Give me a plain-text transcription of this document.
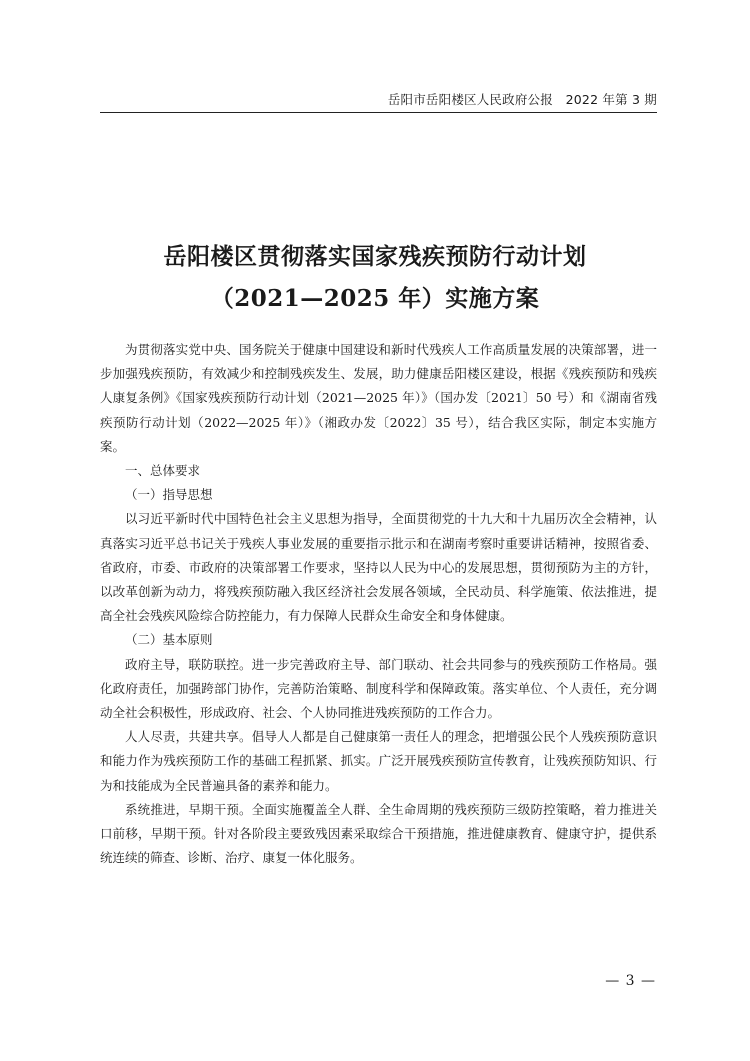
岳阳市岳阳楼区人民政府公报　2022 年第 3 期
岳阳楼区贯彻落实国家残疾预防行动计划
（2021—2025 年）实施方案

为贯彻落实党中央、国务院关于健康中国建设和新时代残疾人工作高质量发展的决策部署，进一步加强残疾预防，有效减少和控制残疾发生、发展，助力健康岳阳楼区建设，根据《残疾预防和残疾人康复条例》《国家残疾预防行动计划（2021—2025 年）》（国办发〔2021〕50 号）和《湖南省残疾预防行动计划（2022—2025 年）》（湘政办发〔2022〕35 号），结合我区实际，制定本实施方案。

一、总体要求

（一）指导思想

以习近平新时代中国特色社会主义思想为指导，全面贯彻党的十九大和十九届历次全会精神，认真落实习近平总书记关于残疾人事业发展的重要指示批示和在湖南考察时重要讲话精神，按照省委、省政府，市委、市政府的决策部署工作要求，坚持以人民为中心的发展思想，贯彻预防为主的方针，以改革创新为动力，将残疾预防融入我区经济社会发展各领域，全民动员、科学施策、依法推进，提高全社会残疾风险综合防控能力，有力保障人民群众生命安全和身体健康。

（二）基本原则

政府主导，联防联控。进一步完善政府主导、部门联动、社会共同参与的残疾预防工作格局。强化政府责任，加强跨部门协作，完善防治策略、制度科学和保障政策。落实单位、个人责任，充分调动全社会积极性，形成政府、社会、个人协同推进残疾预防的工作合力。

人人尽责，共建共享。倡导人人都是自己健康第一责任人的理念，把增强公民个人残疾预防意识和能力作为残疾预防工作的基础工程抓紧、抓实。广泛开展残疾预防宣传教育，让残疾预防知识、行为和技能成为全民普遍具备的素养和能力。

系统推进，早期干预。全面实施覆盖全人群、全生命周期的残疾预防三级防控策略，着力推进关口前移，早期干预。针对各阶段主要致残因素采取综合干预措施，推进健康教育、健康守护，提供系统连续的筛查、诊断、治疗、康复一体化服务。

— 3 —
